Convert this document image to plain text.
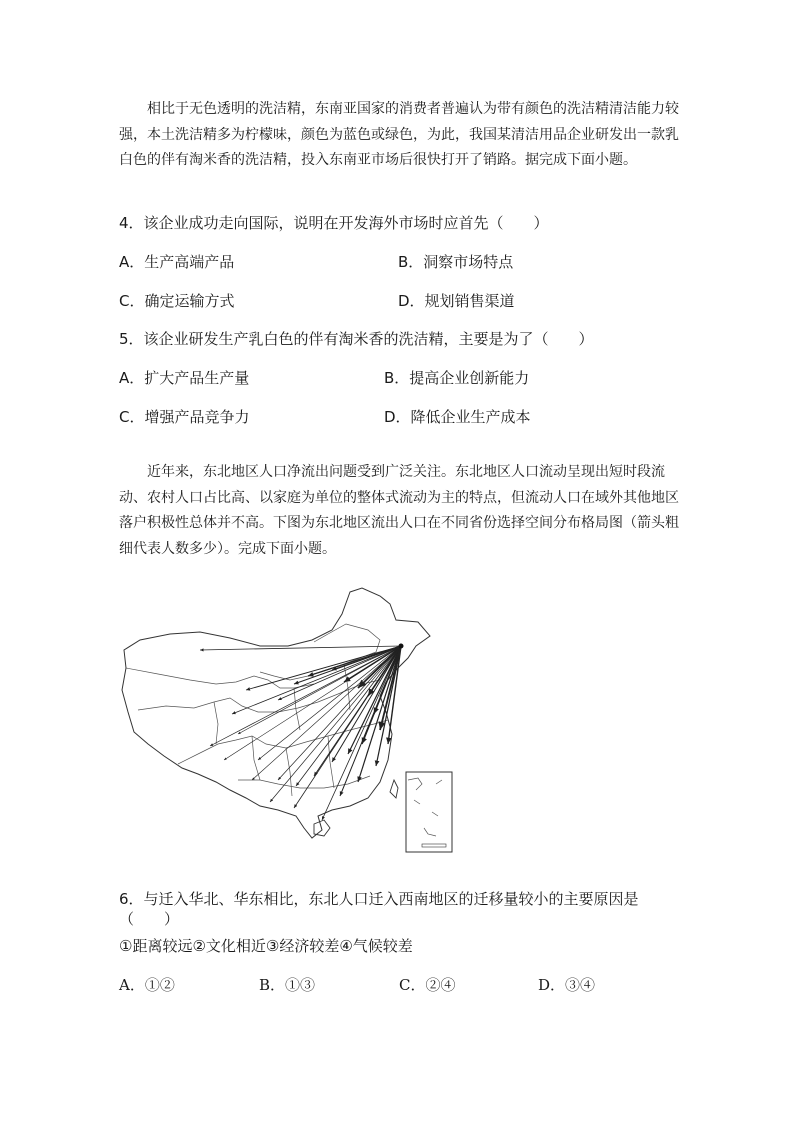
相比于无色透明的洗洁精，东南亚国家的消费者普遍认为带有颜色的洗洁精清洁能力较强，本土洗洁精多为柠檬味，颜色为蓝色或绿色，为此，我国某清洁用品企业研发出一款乳白色的伴有淘米香的洗洁精，投入东南亚市场后很快打开了销路。据完成下面小题。

4．该企业成功走向国际，说明在开发海外市场时应首先（　　）
A．生产高端产品	B．洞察市场特点
C．确定运输方式	D．规划销售渠道
5．该企业研发生产乳白色的伴有淘米香的洗洁精，主要是为了（　　）
A．扩大产品生产量	B．提高企业创新能力
C．增强产品竞争力	D．降低企业生产成本

近年来，东北地区人口净流出问题受到广泛关注。东北地区人口流动呈现出短时段流动、农村人口占比高、以家庭为单位的整体式流动为主的特点，但流动人口在域外其他地区落户积极性总体并不高。下图为东北地区流出人口在不同省份选择空间分布格局图（箭头粗细代表人数多少）。完成下面小题。

6．与迁入华北、华东相比，东北人口迁入西南地区的迁移量较小的主要原因是
（　　）
①距离较远②文化相近③经济较差④气候较差
A．①②	B．①③	C．②④	D．③④
